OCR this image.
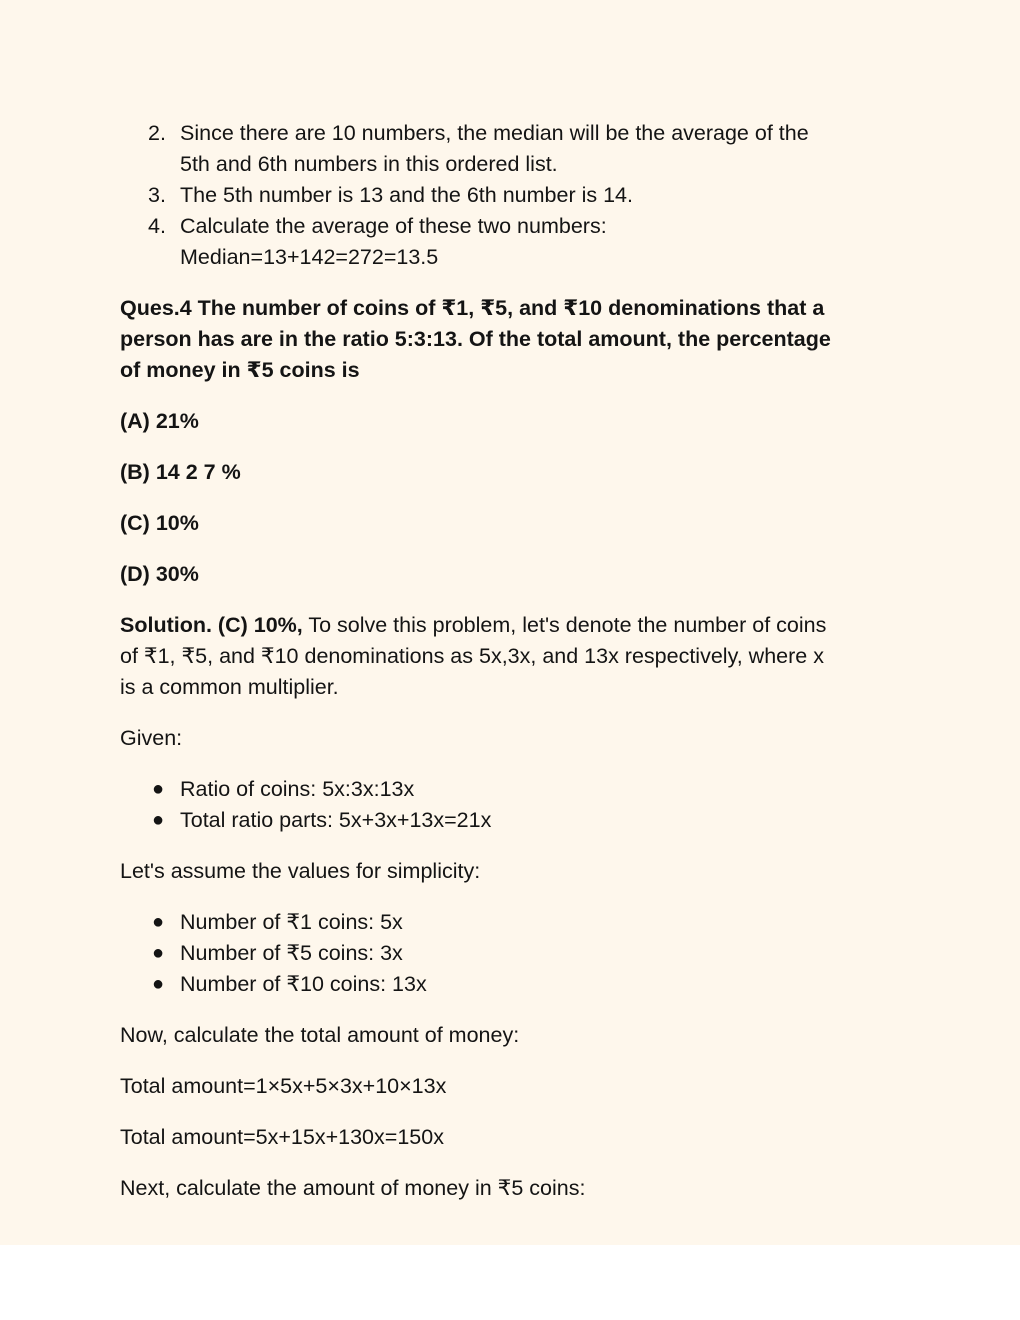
2. Since there are 10 numbers, the median will be the average of the
5th and 6th numbers in this ordered list.
3. The 5th number is 13 and the 6th number is 14.
4. Calculate the average of these two numbers:
Median=13+142=272=13.5
Ques.4 The number of coins of ₹1, ₹5, and ₹10 denominations that a
person has are in the ratio 5:3:13. Of the total amount, the percentage
of money in ₹5 coins is
(A) 21%
(B) 14 2 7 %
(C) 10%
(D) 30%

Solution. (C) 10%, To solve this problem, let's denote the number of coins
of ₹1, ₹5, and ₹10 denominations as 5x,3x, and 13x respectively, where x
is a common multiplier.

Given:

● Ratio of coins: 5x:3x:13x
● Total ratio parts: 5x+3x+13x=21x

Let's assume the values for simplicity:

● Number of ₹1 coins: 5x
● Number of ₹5 coins: 3x
● Number of ₹10 coins: 13x

Now, calculate the total amount of money:

Total amount=1×5x+5×3x+10×13x

Total amount=5x+15x+130x=150x

Next, calculate the amount of money in ₹5 coins:
